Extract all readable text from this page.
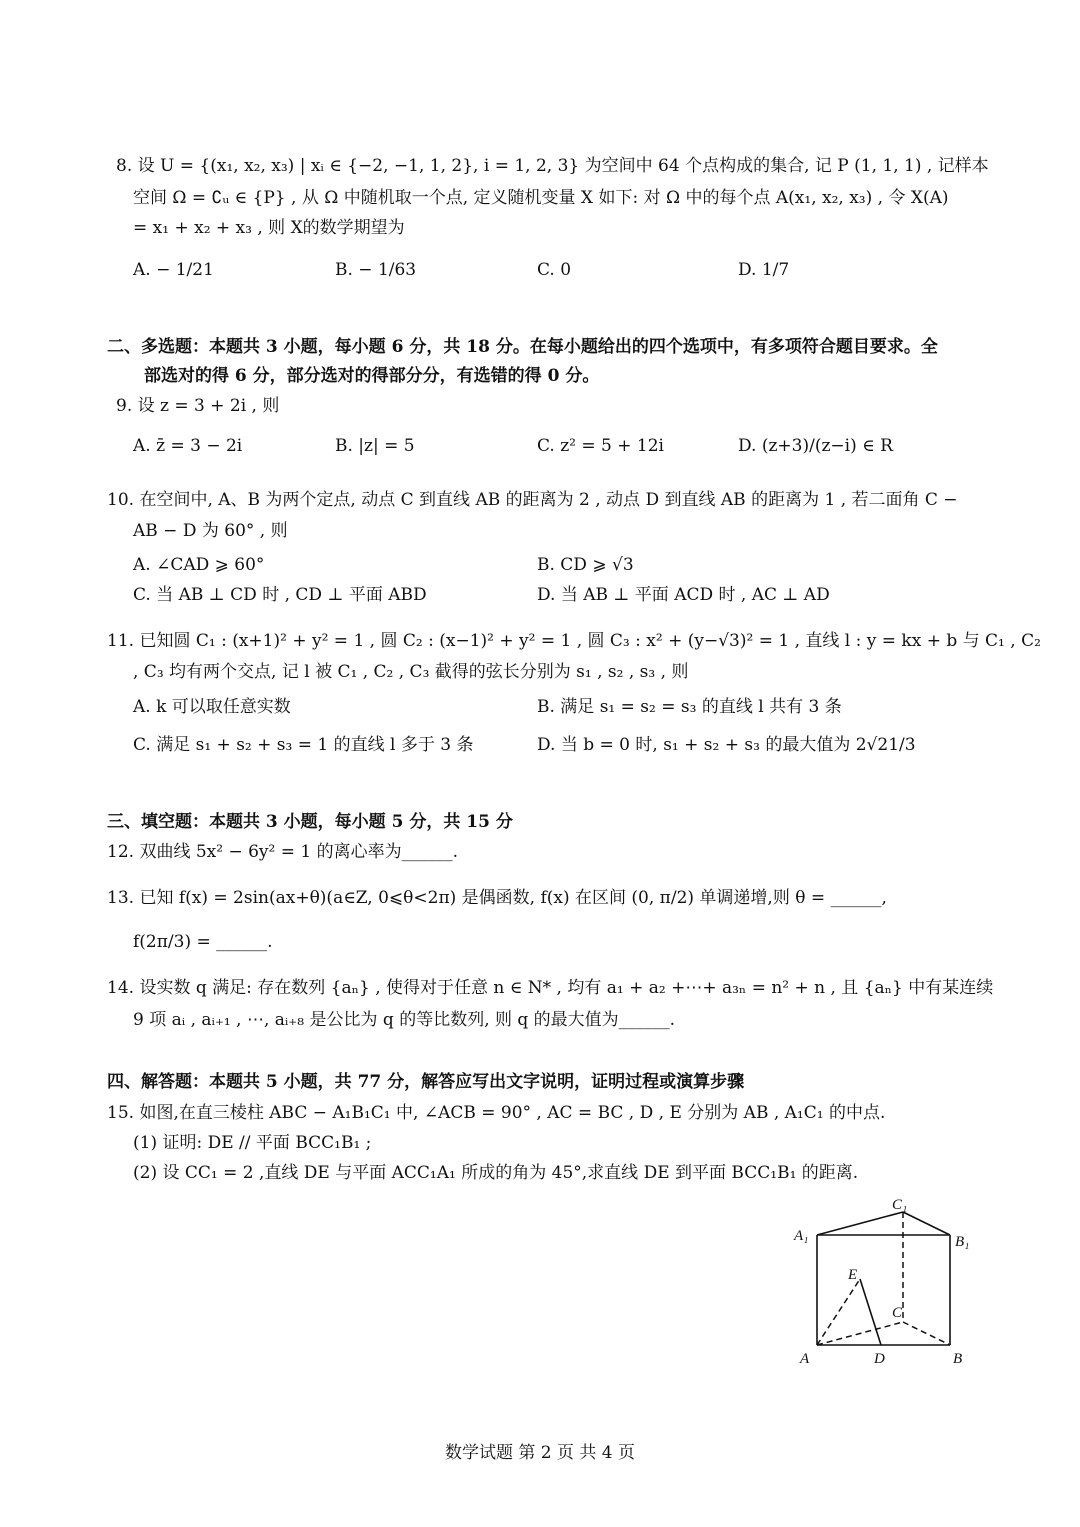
8. 设 U = {(x₁, x₂, x₃) | xᵢ ∈ {−2, −1, 1, 2}, i = 1, 2, 3} 为空间中 64 个点构成的集合, 记 P (1, 1, 1) , 记样本
空间 Ω = ∁ᵤ ∈ {P} , 从 Ω 中随机取一个点, 定义随机变量 X 如下: 对 Ω 中的每个点 A(x₁, x₂, x₃) , 令 X(A)
= x₁ + x₂ + x₃ , 则 X的数学期望为
A. − 1/21	B. − 1/63	C. 0	D. 1/7
二、多选题：本题共 3 小题，每小题 6 分，共 18 分。在每小题给出的四个选项中，有多项符合题目要求。全
部选对的得 6 分，部分选对的得部分分，有选错的得 0 分。
9. 设 z = 3 + 2i , 则
A. z̄ = 3 − 2i	B. |z| = 5	C. z² = 5 + 12i	D. (z+3)/(z−i) ∈ R
10. 在空间中, A、B 为两个定点, 动点 C 到直线 AB 的距离为 2 , 动点 D 到直线 AB 的距离为 1 , 若二面角 C −
AB − D 为 60° , 则
A. ∠CAD ⩾ 60°	B. CD ⩾ √3
C. 当 AB ⊥ CD 时 , CD ⊥ 平面 ABD	D. 当 AB ⊥ 平面 ACD 时 , AC ⊥ AD
11. 已知圆 C₁ : (x+1)² + y² = 1 , 圆 C₂ : (x−1)² + y² = 1 , 圆 C₃ : x² + (y−√3)² = 1 , 直线 l : y = kx + b 与 C₁ , C₂
, C₃ 均有两个交点, 记 l 被 C₁ , C₂ , C₃ 截得的弦长分别为 s₁ , s₂ , s₃ , 则
A. k 可以取任意实数	B. 满足 s₁ = s₂ = s₃ 的直线 l 共有 3 条
C. 满足 s₁ + s₂ + s₃ = 1 的直线 l 多于 3 条	D. 当 b = 0 时, s₁ + s₂ + s₃ 的最大值为 2√21/3
三、填空题：本题共 3 小题，每小题 5 分，共 15 分
12. 双曲线 5x² − 6y² = 1 的离心率为______.
13. 已知 f(x) = 2sin(ax+θ)(a∈Z, 0⩽θ<2π) 是偶函数, f(x) 在区间 (0, π/2) 单调递增,则 θ = ______,
f(2π/3) = ______.
14. 设实数 q 满足: 存在数列 {aₙ} , 使得对于任意 n ∈ N* , 均有 a₁ + a₂ +⋯+ a₃ₙ = n² + n , 且 {aₙ} 中有某连续
9 项 aᵢ , aᵢ₊₁ , ⋯, aᵢ₊₈ 是公比为 q 的等比数列, 则 q 的最大值为______.
四、解答题：本题共 5 小题，共 77 分，解答应写出文字说明，证明过程或演算步骤
15. 如图,在直三棱柱 ABC − A₁B₁C₁ 中, ∠ACB = 90° , AC = BC , D , E 分别为 AB , A₁C₁ 的中点.
(1) 证明: DE // 平面 BCC₁B₁ ;
(2) 设 CC₁ = 2 ,直线 DE 与平面 ACC₁A₁ 所成的角为 45°,求直线 DE 到平面 BCC₁B₁ 的距离.
C₁
A₁	B₁
E
C
A	D	B
数学试题 第 2 页 共 4 页
